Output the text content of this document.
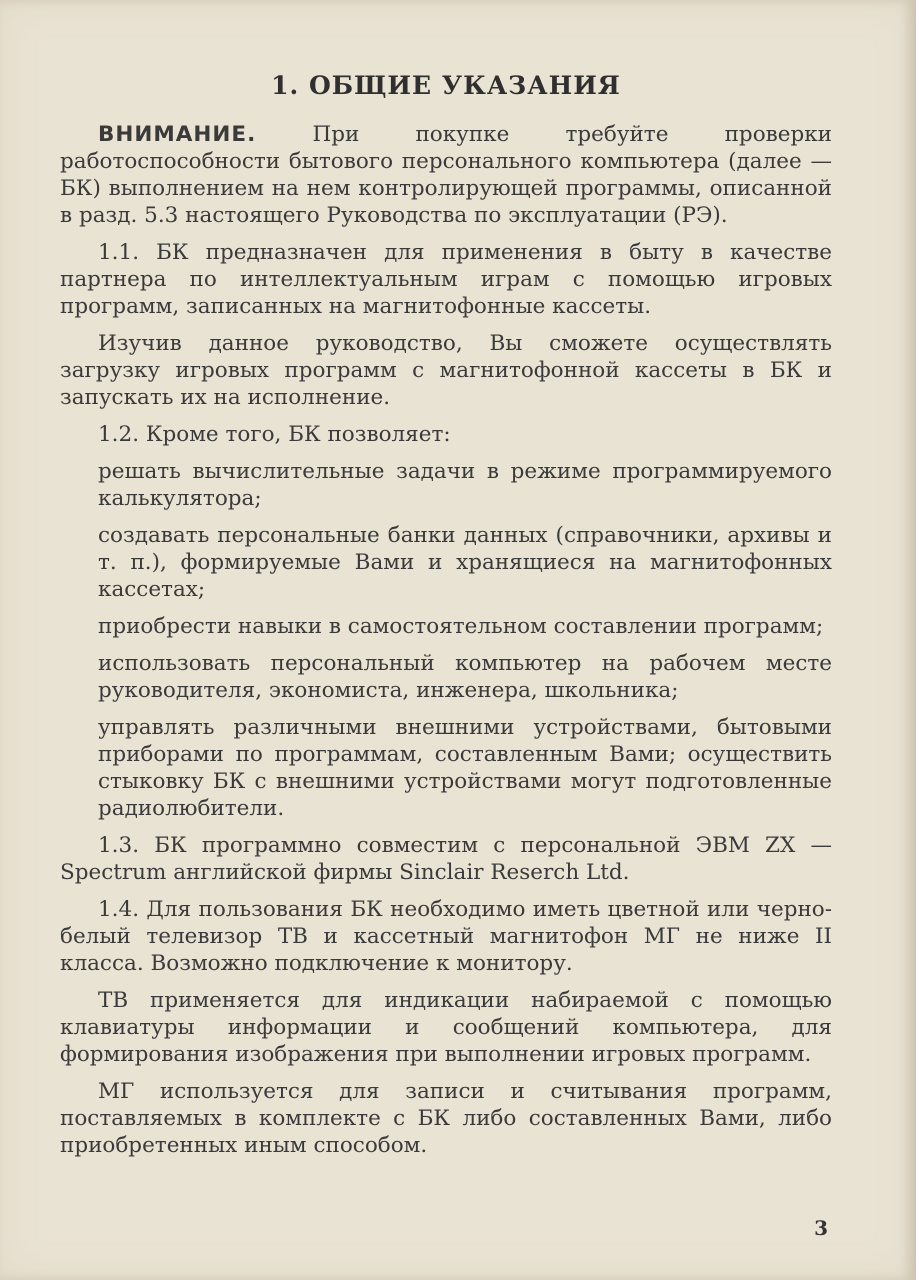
1. ОБЩИЕ УКАЗАНИЯ

ВНИМАНИЕ. При покупке требуйте проверки работоспособности бытового персонального компьютера (далее — БК) выполнением на нем контролирующей программы, описанной в разд. 5.3 настоящего Руководства по эксплуатации (РЭ).

1.1. БК предназначен для применения в быту в качестве партнера по интеллектуальным играм с помощью игровых программ, записанных на магнитофонные кассеты.

Изучив данное руководство, Вы сможете осуществлять загрузку игровых программ с магнитофонной кассеты в БК и запускать их на исполнение.

1.2. Кроме того, БК позволяет:

решать вычислительные задачи в режиме программируемого калькулятора;
создавать персональные банки данных (справочники, архивы и т. п.), формируемые Вами и хранящиеся на магнитофонных кассетах;
приобрести навыки в самостоятельном составлении программ;
использовать персональный компьютер на рабочем месте руководителя, экономиста, инженера, школьника;
управлять различными внешними устройствами, бытовыми приборами по программам, составленным Вами; осуществить стыковку БК с внешними устройствами могут подготовленные радиолюбители.

1.3. БК программно совместим с персональной ЭВМ ZX — Spectrum английской фирмы Sinclair Reserch Ltd.

1.4. Для пользования БК необходимо иметь цветной или черно-белый телевизор ТВ и кассетный магнитофон МГ не ниже II класса. Возможно подключение к монитору.

ТВ применяется для индикации набираемой с помощью клавиатуры информации и сообщений компьютера, для формирования изображения при выполнении игровых программ.

МГ используется для записи и считывания программ, поставляемых в комплекте с БК либо составленных Вами, либо приобретенных иным способом.

3
